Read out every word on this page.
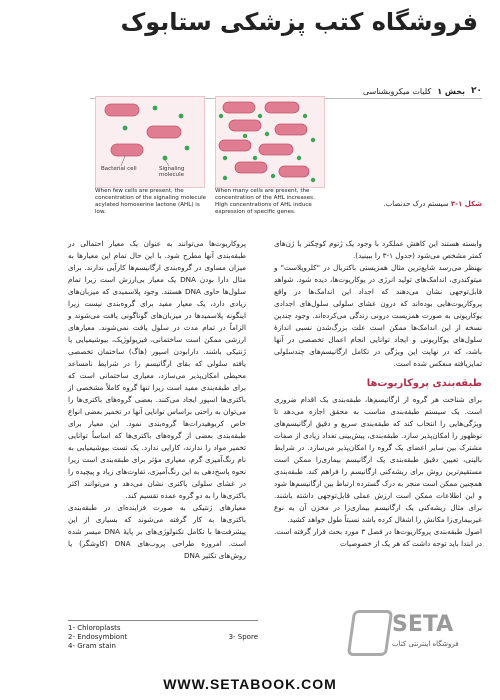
فروشگاه کتب پزشکی ستابوک
۲۰
بخش ۱
کلیات میکروبشناسی
Bacterial cell	Signaling molecule
When few cells are present, the concentration of the signaling molecule acylated homoserine lactone (AHL) is low.
When many cells are present, the concentration of the AHL increases. High concentrations of AHL induce expression of specific genes.
شکل ۱-۳ سیستم درک حدنصاب.

وابسته هستند این کاهش عملکرد با وجود یک ژنوم کوچکتر با ژن‌های کمتر مشخص می‌شود (جدول ۱-۳ را ببینید).

بهنظر می‌رسد شایع‌ترین مثال همزیستی باکتریال در "کلروپلاست" و میتوکندری، اندامک‌های تولید انرژی در یوکاریوت‌ها، دیده شود. شواهد قابل‌توجهی نشان می‌دهند که اجداد این اندامک‌ها در واقع پروکاریوت‌هایی بوده‌اند که درون غشای سلولی سلول‌های اجدادی یوکاریوتی به صورت همزیست درونی زندگی می‌کرده‌اند. وجود چندین نسخه از این اندامک‌ها ممکن است علت بزرگ‌شدن نسبی اندازهٔ سلول‌های یوکاریوتی و ایجاد توانایی انجام اعمال تخصصی در آنها باشد، که در نهایت این ویژگی در تکامل ارگانیسم‌های چندسلولی تمایزیافته منعکس شده است.

طبقه‌بندی پروکاریوت‌ها

برای شناخت هر گروه از ارگانیسم‌ها، طبقه‌بندی یک اقدام ضروری است. یک سیستم طبقه‌بندی مناسب به محقق اجازه می‌دهد تا ویژگی‌هایی را انتخاب کند که طبقه‌بندی سریع و دقیق ارگانیسم‌های نوظهور را امکان‌پذیر سازد. طبقه‌بندی، پیش‌بینی تعداد زیادی از صفات مشترک بین سایر اعضای یک گروه را امکان‌پذیر می‌سازد. در شرایط بالینی، تعیین دقیق طبقه‌بندی یک ارگانیسم بیماری‌زا ممکن است مستقیم‌ترین روش برای ریشه‌کنی ارگانیسم را فراهم کند. طبقه‌بندی همچنین ممکن است منجر به درک گسترده ارتباط بین ارگانیسم‌ها شود و این اطلاعات ممکن است ارزش عملی قابل‌توجهی داشته باشند. برای مثال ریشه‌کنی یک ارگانیسم بیماری‌زا در مخزن آن به نوع غیربیماری‌زا مکانش را اشغال کرده باشد نسبتاً طول خواهد کشید.

اصول طبقه‌بندی پروکاریوت‌ها در فصل ۳ مورد بحث قرار گرفته است. در ابتدا باید توجه داشت که هر یک از خصوصیات

پروکاریوت‌ها می‌توانند به عنوان یک معیار احتمالی در طبقه‌بندی آنها مطرح شود. با این حال تمام این معیارها به میزان مساوی در گروه‌بندی ارگانیسم‌ها کارآیی ندارند. برای مثال دارا بودن DNA یک معیار بی‌ارزش است زیرا تمام سلول‌ها حاوی DNA هستند. وجود پلاسمیدی که میزبان‌های زیادی دارد، یک معیار مفید برای گروه‌بندی نیست زیرا اینگونه پلاسمیدها در میزبان‌های گوناگونی یافت می‌شوند و الزاماً در تمام مدت در سلول یافت نمی‌شوند. معیارهای ارزشی ممکن است ساختمانی، فیزیولوژیک، بیوشیمیایی یا ژنتیکی باشند. دارابودن اسپور (هاگ) ساختمان تخصصی یافته سلولی که بقای ارگانیسم را در شرایط نامساعد محیطی امکان‌پذیر می‌سازد، معیاری ساختمانی است که برای طبقه‌بندی مفید است زیرا تنها گروه کاملاً مشخصی از باکتری‌ها اسپور ایجاد می‌کنند. بعضی گروه‌های باکتری‌ها را می‌توان به راحتی براساس توانایی آنها در تخمیر بعضی انواع خاص کربوهیدرات‌ها گروه‌بندی نمود. این معیار برای طبقه‌بندی بعضی از گروه‌های باکتری‌ها که اساساً توانایی تخمیر مواد را ندارند، کارایی ندارد. یک تست بیوشیمیایی به نام رنگ‌آمیزی گرم، معیاری مؤثر برای طبقه‌بندی است زیرا نحوه پاسخ‌دهی به این رنگ‌آمیزی، تفاوت‌های زیاد و پیچیده را در غشای سلولی باکتری نشان می‌دهد و می‌توانند اکثر باکتری‌ها را به دو گروه عمده تقسیم کند.

معیارهای ژنتیکی به صورت فزاینده‌ای در طبقه‌بندی باکتری‌ها به کار گرفته می‌شوند که بسیاری از این پیشرفت‌ها با تکامل تکنولوژی‌های بر پایهٔ DNA میسر شده است. امروزه طراحی پروب‌های DNA (کاوشگر) یا روش‌های تکثیر DNA

1- Chloroplasts
2- Endosymbiont	3- Spore
4- Gram stain
SETA
فروشگاه اینترنتی کتاب
WWW.SETABOOK.COM
